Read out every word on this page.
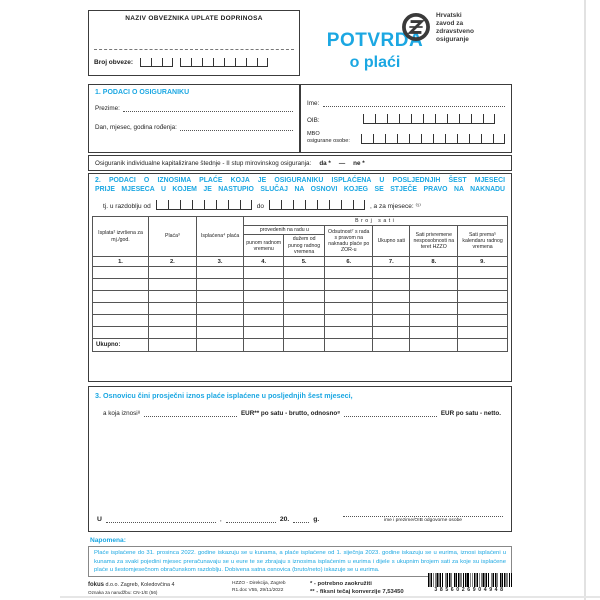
NAZIV OBVEZNIKA UPLATE DOPRINOSA
Broj obveze:
POTVRDA
o plaći
Hrvatski
zavod za
zdravstveno
osiguranje
1. PODACI O OSIGURANIKU
Prezime:
Dan, mjesec, godina rođenja:
Ime:
OIB:
MBO
osigurane osobe:
Osiguranik individualne kapitalizirane štednje - II stup mirovinskog osiguranja: da * — ne *
2. PODACI O IZNOSIMA PLAĆE KOJA JE OSIGURANIKU ISPLAĆENA U POSLJEDNJIH ŠEST MJESECI
PRIJE MJESECA U KOJEM JE NASTUPIO SLUČAJ NA OSNOVI KOJEG SE STJEČE PRAVO NA NAKNADU
tj. u razdoblju od	do	, a za mjesece: ⁽¹⁾
Isplata² izvršena za mj./god.	Plaća³	Isplaćena⁴ plaća	Broj sati					
			provedenih na radu u		Odsutnost⁷ s rada s pravom na naknadu plaće po ZOR-u	Ukupno sati	Sati privremene nesposobnosti na teret HZZO	Sati prema⁵ kalendaru radnog vremena
			punom radnom vremenu	dužem od punog radnog vremena				
1.	2.	3.	4.	5.	6.	7.	8.	9.

Ukupno:								
3. Osnovicu čini prosječni iznos plaće isplaćene u posljednjih šest mjeseci,
a koja iznosi⁸	EUR** po satu - brutto, odnosno⁸	EUR po satu - netto.
U	,	20.	g.	ime i prezime/OIB odgovorne osobe
Napomena:
Plaće isplaćene do 31. prosinca 2022. godine iskazuju se u kunama, a plaće isplaćene od 1. siječnja 2023. godine iskazuju se u eurima, iznosi isplaćeni u kunama za svaki pojedini mjesec preračunavaju se u eure te se zbrajaju s iznosima isplaćenim u eurima i dijele s ukupnim brojem sati za koje su isplaćene plaće u šestomjesečnom obračunskom razdoblju. Dobivena satna osnovica (bruto/neto) iskazuje se u eurima.
fokus d.o.o. Zagreb, Koledovčina 4
Oznaka za narudžbu: CN-1/E (56)
HZZO - Direkcija, Zagreb
R1.doc V55, 29/11/2022
* - potrebno zaokružiti
** - fiksni tečaj konverzije 7,53450	3856026904948
